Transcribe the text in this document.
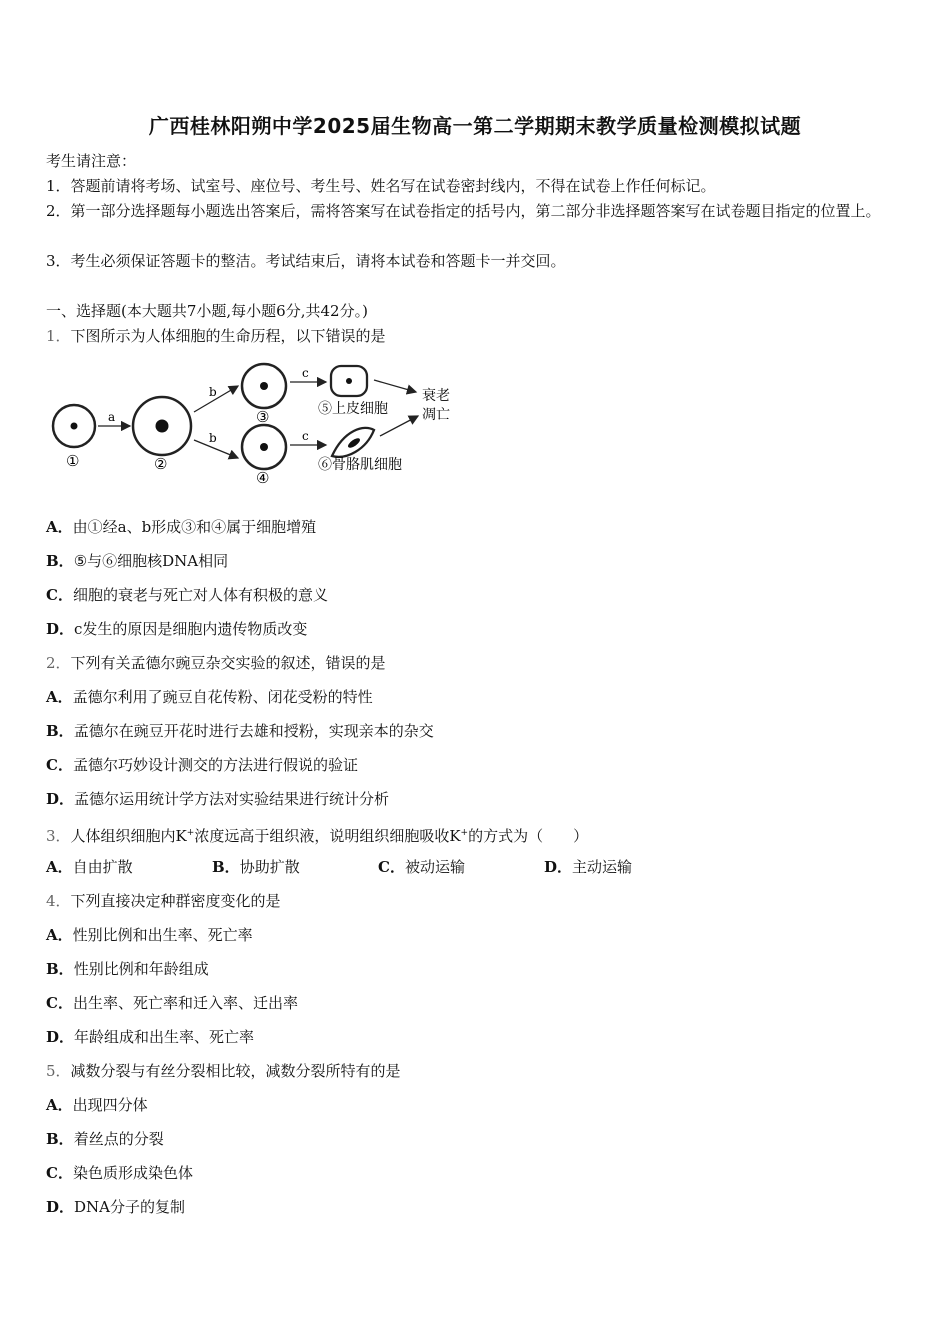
广西桂林阳朔中学2025届生物高一第二学期期末教学质量检测模拟试题
考生请注意：
1．答题前请将考场、试室号、座位号、考生号、姓名写在试卷密封线内，不得在试卷上作任何标记。
2．第一部分选择题每小题选出答案后，需将答案写在试卷指定的括号内，第二部分非选择题答案写在试卷题目指定的位置上。
3．考生必须保证答题卡的整洁。考试结束后，请将本试卷和答题卡一并交回。
一、选择题(本大题共7小题,每小题6分,共42分。)
1．下图所示为人体细胞的生命历程，以下错误的是
①
a
②
b
b
③
④
c
c
⑤上皮细胞
⑥骨胳肌细胞
衰老
凋亡
A．由①经a、b形成③和④属于细胞增殖
B．⑤与⑥细胞核DNA相同
C．细胞的衰老与死亡对人体有积极的意义
D．c发生的原因是细胞内遗传物质改变
2．下列有关孟德尔豌豆杂交实验的叙述，错误的是
A．孟德尔利用了豌豆自花传粉、闭花受粉的特性
B．孟德尔在豌豆开花时进行去雄和授粉，实现亲本的杂交
C．孟德尔巧妙设计测交的方法进行假说的验证
D．孟德尔运用统计学方法对实验结果进行统计分析
3．人体组织细胞内K+浓度远高于组织液，说明组织细胞吸收K+的方式为（　　）
A．自由扩散	B．协助扩散	C．被动运输	D．主动运输
4．下列直接决定种群密度变化的是
A．性别比例和出生率、死亡率
B．性别比例和年龄组成
C．出生率、死亡率和迁入率、迁出率
D．年龄组成和出生率、死亡率
5．减数分裂与有丝分裂相比较，减数分裂所特有的是
A．出现四分体
B．着丝点的分裂
C．染色质形成染色体
D．DNA分子的复制
